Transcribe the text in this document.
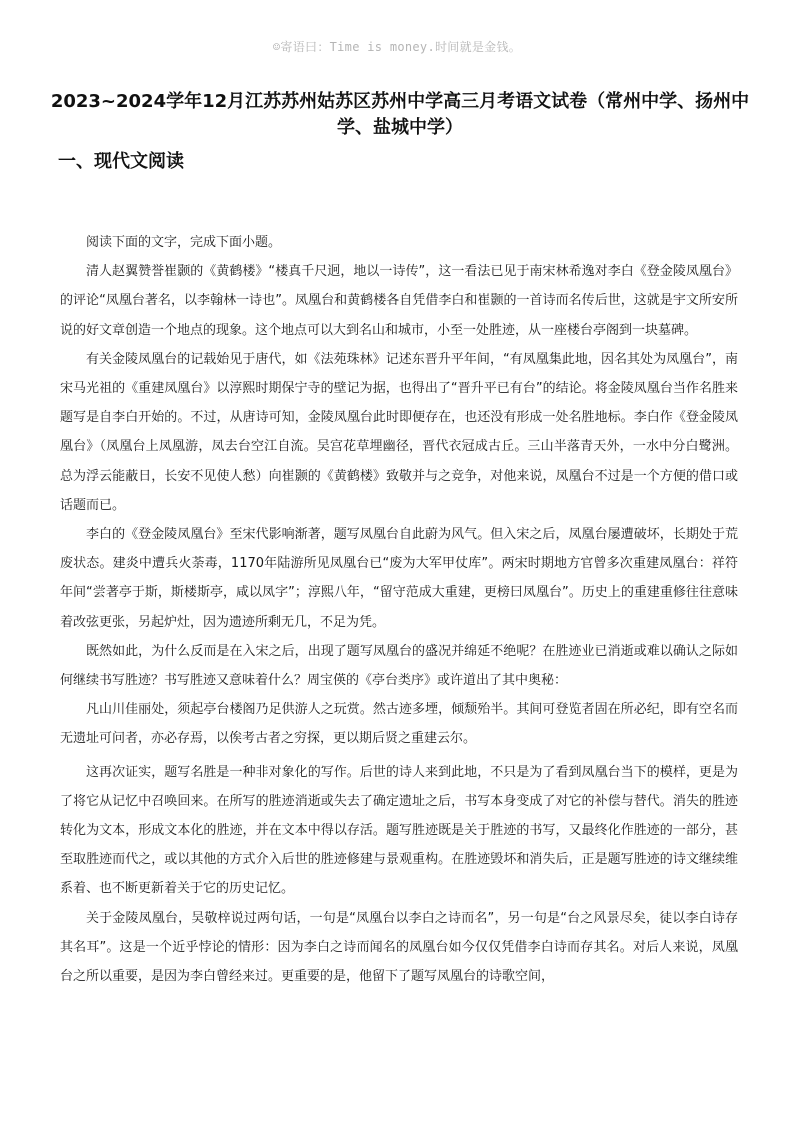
☺寄语曰：Time is money.时间就是金钱。
2023~2024学年12月江苏苏州姑苏区苏州中学高三月考语文试卷（常州中学、扬州中学、盐城中学）
一、现代文阅读

阅读下面的文字，完成下面小题。

清人赵翼赞誉崔颢的《黄鹤楼》“楼真千尺迥，地以一诗传”，这一看法已见于南宋林希逸对李白《登金陵凤凰台》的评论“凤凰台著名，以李翰林一诗也”。凤凰台和黄鹤楼各自凭借李白和崔颢的一首诗而名传后世，这就是宇文所安所说的好文章创造一个地点的现象。这个地点可以大到名山和城市，小至一处胜迹，从一座楼台亭阁到一块墓碑。

有关金陵凤凰台的记载始见于唐代，如《法苑珠林》记述东晋升平年间，“有凤凰集此地，因名其处为凤凰台”，南宋马光祖的《重建凤凰台》以淳熙时期保宁寺的壁记为据，也得出了“晋升平已有台”的结论。将金陵凤凰台当作名胜来题写是自李白开始的。不过，从唐诗可知，金陵凤凰台此时即便存在，也还没有形成一处名胜地标。李白作《登金陵凤凰台》（凤凰台上凤凰游，凤去台空江自流。吴宫花草埋幽径，晋代衣冠成古丘。三山半落青天外，一水中分白鹭洲。总为浮云能蔽日，长安不见使人愁）向崔颢的《黄鹤楼》致敬并与之竞争，对他来说，凤凰台不过是一个方便的借口或话题而已。

李白的《登金陵凤凰台》至宋代影响渐著，题写凤凰台自此蔚为风气。但入宋之后，凤凰台屡遭破坏，长期处于荒废状态。建炎中遭兵火荼毒，1170年陆游所见凤凰台已“废为大军甲仗库”。两宋时期地方官曾多次重建凤凰台：祥符年间“尝著亭于斯，斯楼斯亭，咸以凤字”；淳熙八年，“留守范成大重建，更榜曰凤凰台”。历史上的重建重修往往意味着改弦更张，另起炉灶，因为遗迹所剩无几，不足为凭。

既然如此，为什么反而是在入宋之后，出现了题写凤凰台的盛况并绵延不绝呢？在胜迹业已消逝或难以确认之际如何继续书写胜迹？书写胜迹又意味着什么？周宝偀的《亭台类序》或许道出了其中奥秘：

凡山川佳丽处，须起亭台楼阁乃足供游人之玩赏。然古迹多堙，倾颓殆半。其间可登览者固在所必纪，即有空名而无遗址可问者，亦必存焉，以俟考古者之穷探，更以期后贤之重建云尔。

这再次证实，题写名胜是一种非对象化的写作。后世的诗人来到此地，不只是为了看到凤凰台当下的模样，更是为了将它从记忆中召唤回来。在所写的胜迹消逝或失去了确定遗址之后，书写本身变成了对它的补偿与替代。消失的胜迹转化为文本，形成文本化的胜迹，并在文本中得以存活。题写胜迹既是关于胜迹的书写，又最终化作胜迹的一部分，甚至取胜迹而代之，或以其他的方式介入后世的胜迹修建与景观重构。在胜迹毁坏和消失后，正是题写胜迹的诗文继续维系着、也不断更新着关于它的历史记忆。

关于金陵凤凰台，吴敬梓说过两句话，一句是“凤凰台以李白之诗而名”，另一句是“台之风景尽矣，徒以李白诗存其名耳”。这是一个近乎悖论的情形：因为李白之诗而闻名的凤凰台如今仅仅凭借李白诗而存其名。对后人来说，凤凰台之所以重要，是因为李白曾经来过。更重要的是，他留下了题写凤凰台的诗歌空间，
